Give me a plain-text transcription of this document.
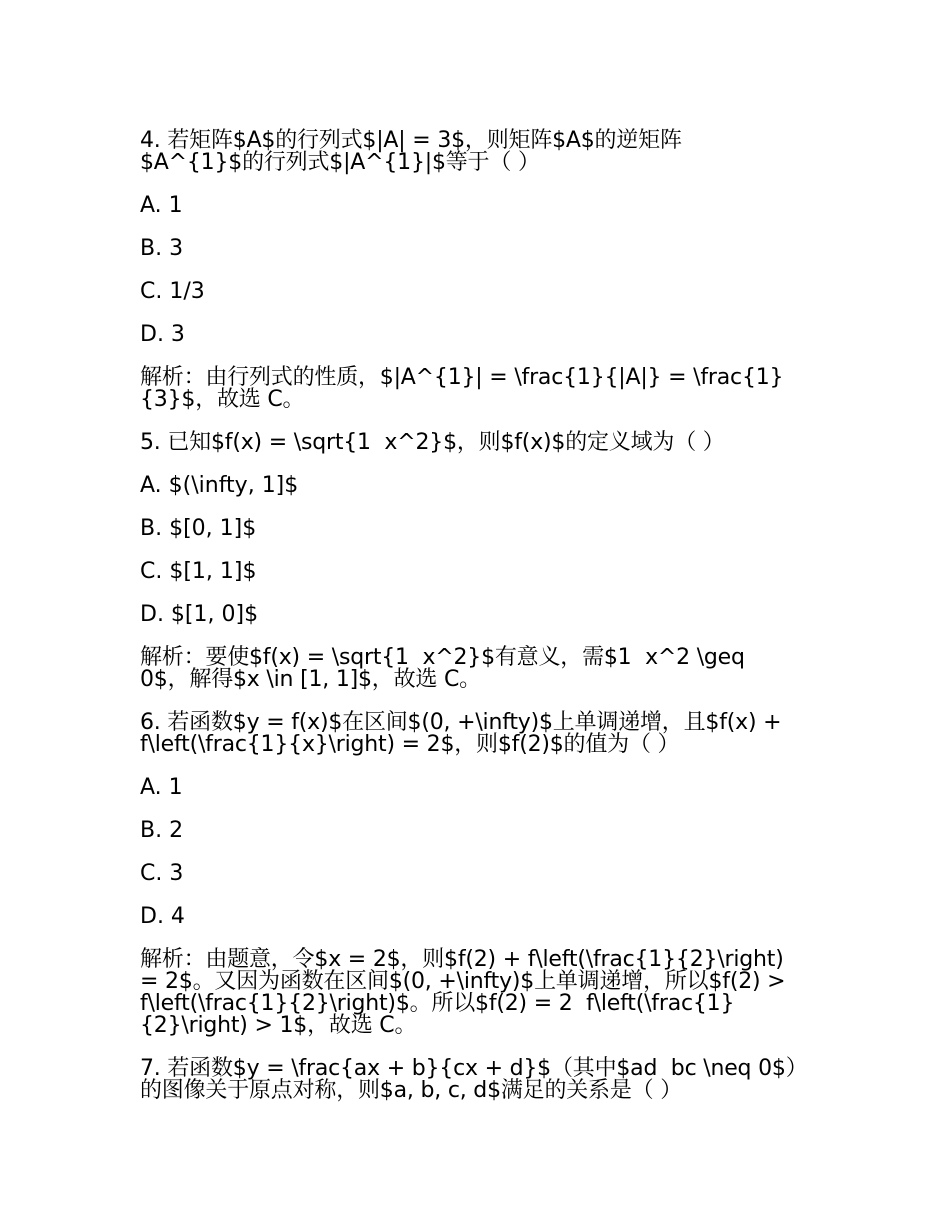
4. 若矩阵$A$的行列式$|A| = 3$，则矩阵$A$的逆矩阵$A^{1}$的行列式$|A^{1}|$等于（ ）
A. 1
B. 3
C. 1/3
D. 3
解析：由行列式的性质，$|A^{1}| = \frac{1}{|A|} = \frac{1}{3}$，故选 C。
5. 已知$f(x) = \sqrt{1  x^2}$，则$f(x)$的定义域为（ ）
A. $(\infty, 1]$
B. $[0, 1]$
C. $[1, 1]$
D. $[1, 0]$
解析：要使$f(x) = \sqrt{1  x^2}$有意义，需$1  x^2 \geq 0$，解得$x \in [1, 1]$，故选 C。
6. 若函数$y = f(x)$在区间$(0, +\infty)$上单调递增，且$f(x) + f\left(\frac{1}{x}\right) = 2$，则$f(2)$的值为（ ）
A. 1
B. 2
C. 3
D. 4
解析：由题意，令$x = 2$，则$f(2) + f\left(\frac{1}{2}\right) = 2$。又因为函数在区间$(0, +\infty)$上单调递增，所以$f(2) > f\left(\frac{1}{2}\right)$。所以$f(2) = 2  f\left(\frac{1}{2}\right) > 1$，故选 C。
7. 若函数$y = \frac{ax + b}{cx + d}$（其中$ad  bc \neq 0$）的图像关于原点对称，则$a, b, c, d$满足的关系是（ ）
